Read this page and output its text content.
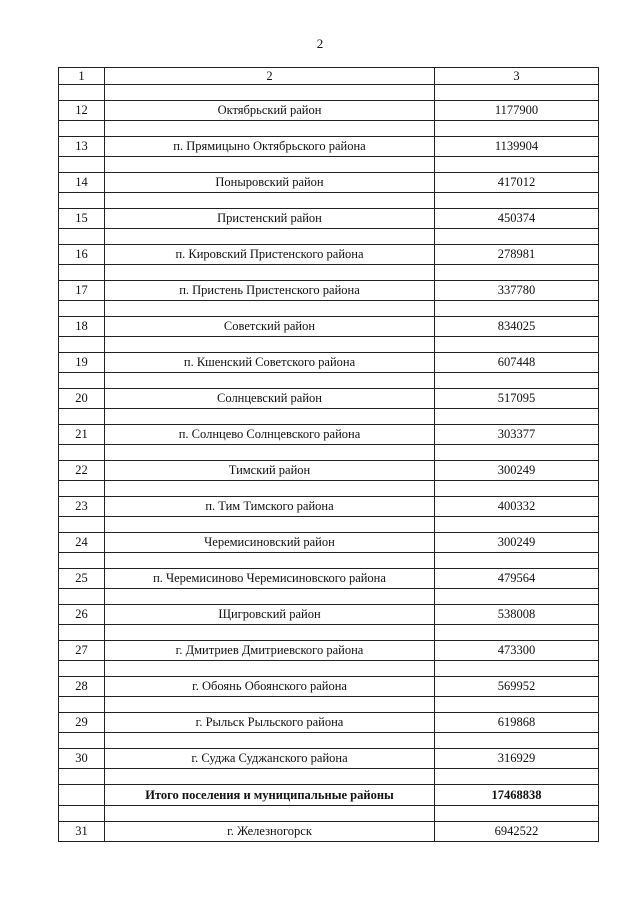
2
1	2	3

12	Октябрьский район	1177900

13	п. Прямицыно Октябрьского района	1139904

14	Поныровский район	417012

15	Пристенский район	450374

16	п. Кировский Пристенского района	278981

17	п. Пристень Пристенского района	337780

18	Советский район	834025

19	п. Кшенский Советского района	607448

20	Солнцевский район	517095

21	п. Солнцево Солнцевского района	303377

22	Тимский район	300249

23	п. Тим Тимского района	400332

24	Черемисиновский район	300249

25	п. Черемисиново Черемисиновского района	479564

26	Щигровский район	538008

27	г. Дмитриев Дмитриевского района	473300

28	г. Обоянь Обоянского района	569952

29	г. Рыльск Рыльского района	619868

30	г. Суджа Суджанского района	316929

	Итого поселения и муниципальные районы	17468838

31	г. Железногорск	6942522
